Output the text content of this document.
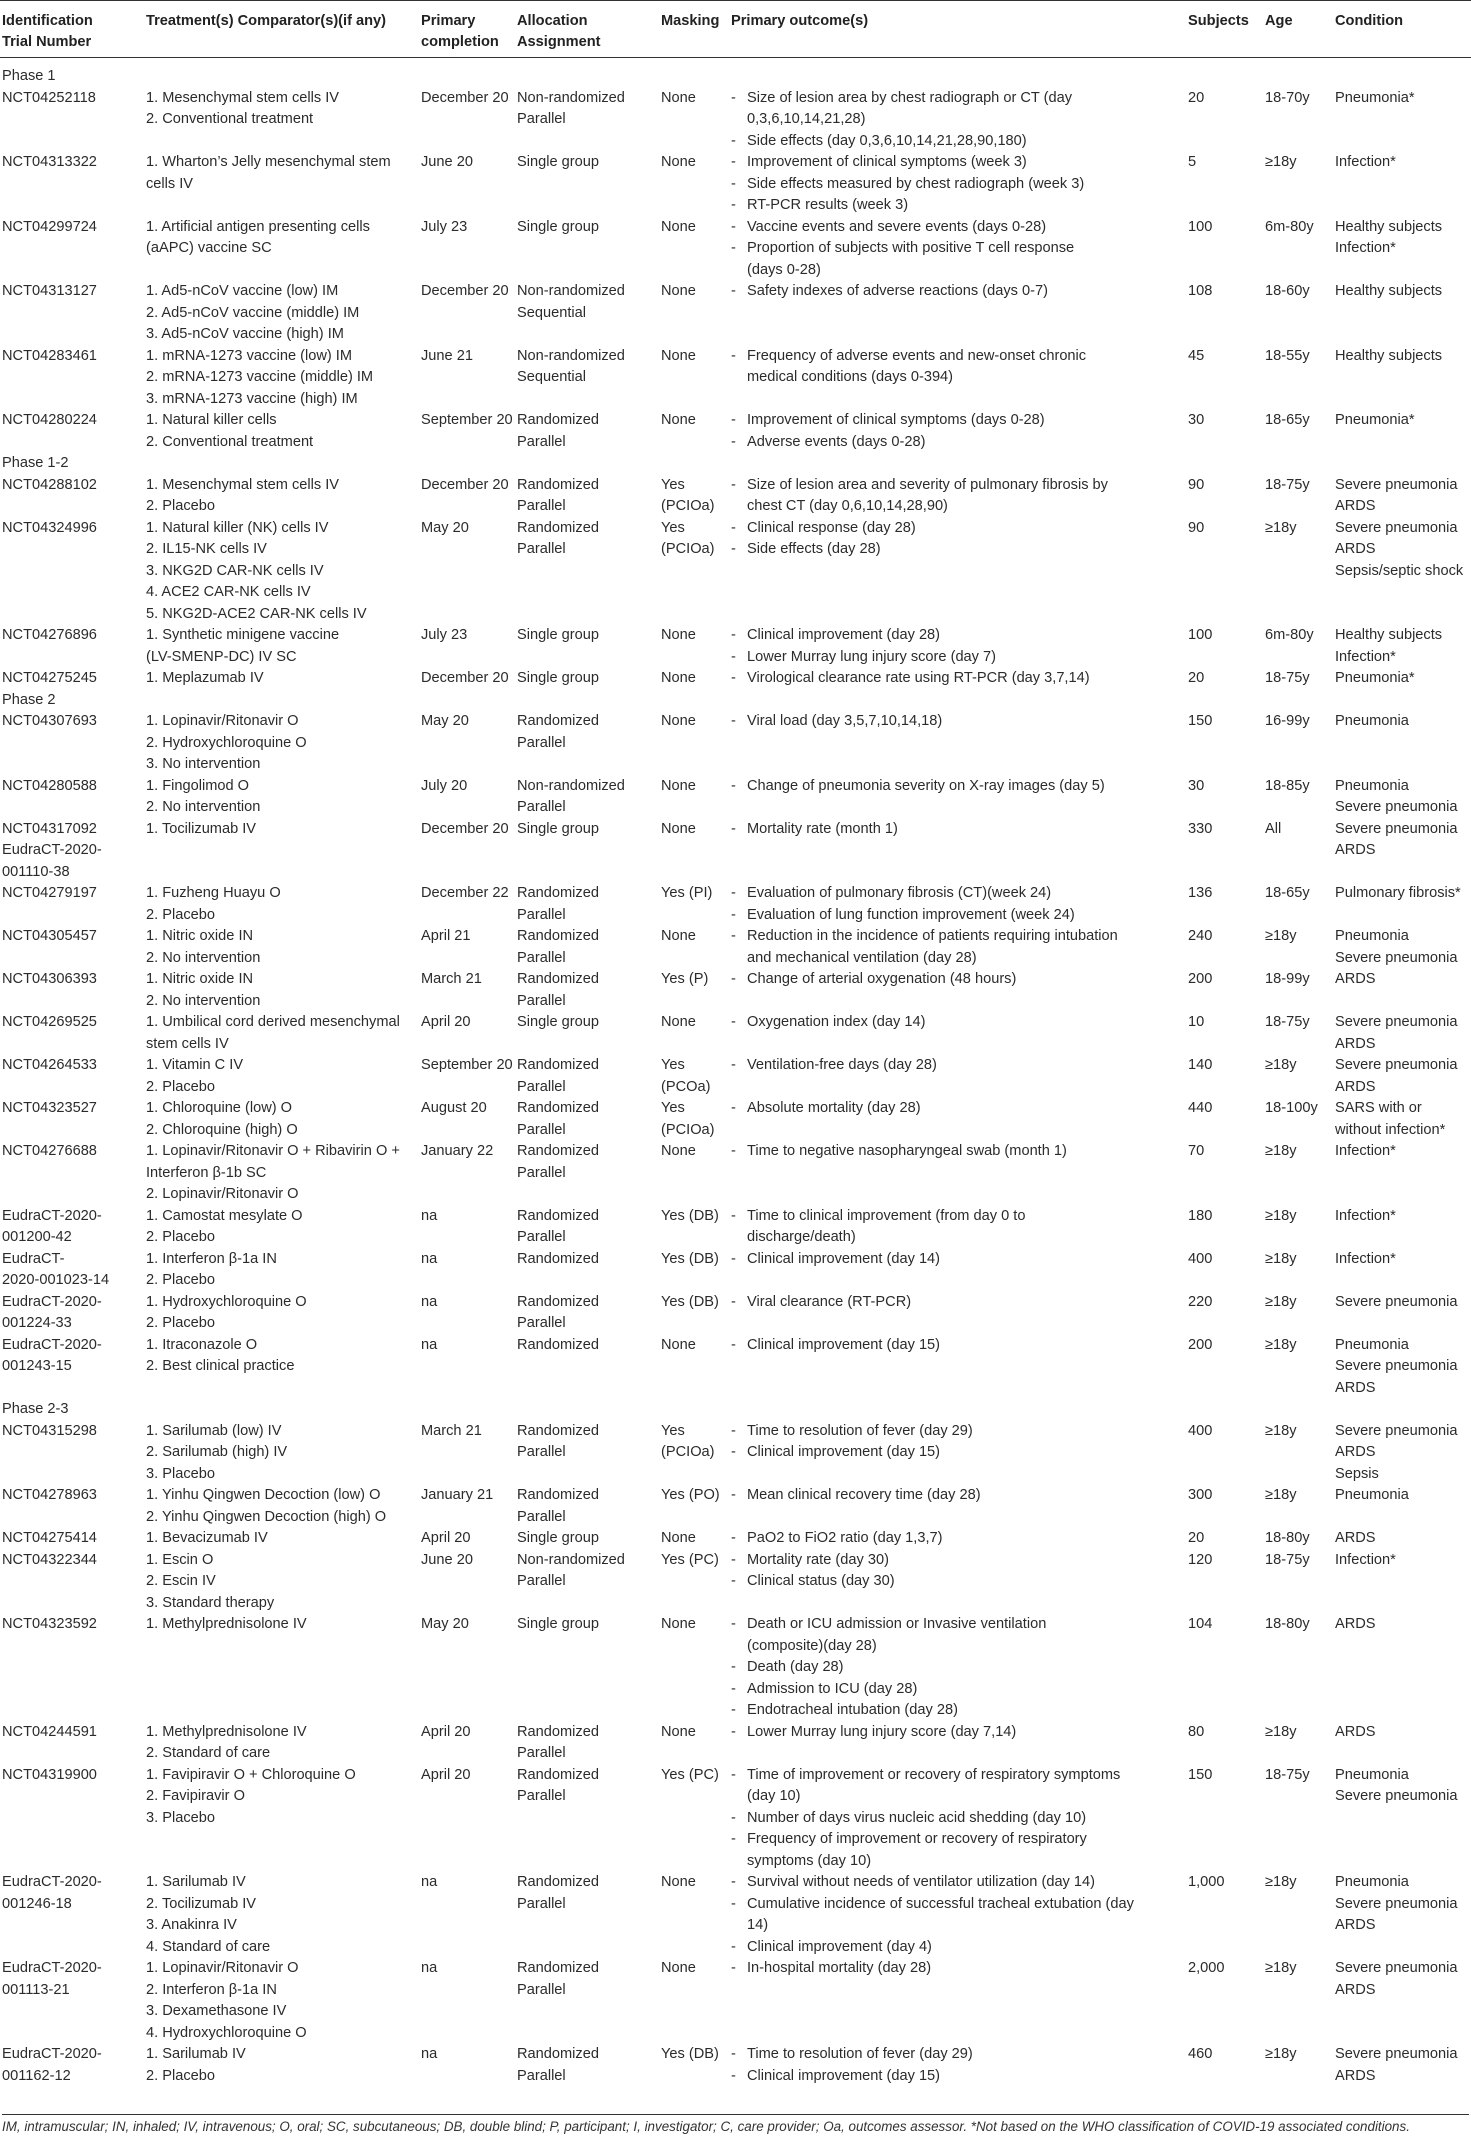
Identification
Trial Number	Treatment(s) Comparator(s)(if any)	Primary
completion	Allocation
Assignment	Masking	Primary outcome(s)	Subjects	Age	Condition

Phase 1								

NCT04252118	1. Mesenchymal stem cells IV
2. Conventional treatment	December 20	Non-randomized
Parallel	None	- Size of lesion area by chest radiograph or CT (day
0,3,6,10,14,21,28)
- Side effects (day 0,3,6,10,14,21,28,90,180)	20	18-70y	Pneumonia*

NCT04313322	1. Wharton’s Jelly mesenchymal stem
cells IV	June 20	Single group	None	- Improvement of clinical symptoms (week 3)
- Side effects measured by chest radiograph (week 3)
- RT-PCR results (week 3)	5	≥18y	Infection*

NCT04299724	1. Artificial antigen presenting cells
(aAPC) vaccine SC	July 23	Single group	None	- Vaccine events and severe events (days 0-28)
- Proportion of subjects with positive T cell response
(days 0-28)	100	6m-80y	Healthy subjects
Infection*

NCT04313127	1. Ad5-nCoV vaccine (low) IM
2. Ad5-nCoV vaccine (middle) IM
3. Ad5-nCoV vaccine (high) IM	December 20	Non-randomized
Sequential	None	- Safety indexes of adverse reactions (days 0-7)	108	18-60y	Healthy subjects

NCT04283461	1. mRNA-1273 vaccine (low) IM
2. mRNA-1273 vaccine (middle) IM
3. mRNA-1273 vaccine (high) IM	June 21	Non-randomized
Sequential	None	- Frequency of adverse events and new-onset chronic
medical conditions (days 0-394)	45	18-55y	Healthy subjects

NCT04280224	1. Natural killer cells
2. Conventional treatment	September 20	Randomized
Parallel	None	- Improvement of clinical symptoms (days 0-28)
- Adverse events (days 0-28)	30	18-65y	Pneumonia*

Phase 1-2								

NCT04288102	1. Mesenchymal stem cells IV
2. Placebo	December 20	Randomized
Parallel	Yes
(PCIOa)	- Size of lesion area and severity of pulmonary fibrosis by
chest CT (day 0,6,10,14,28,90)	90	18-75y	Severe pneumonia
ARDS

NCT04324996	1. Natural killer (NK) cells IV
2. IL15-NK cells IV
3. NKG2D CAR-NK cells IV
4. ACE2 CAR-NK cells IV
5. NKG2D-ACE2 CAR-NK cells IV	May 20	Randomized
Parallel	Yes
(PCIOa)	- Clinical response (day 28)
- Side effects (day 28)	90	≥18y	Severe pneumonia
ARDS
Sepsis/septic shock

NCT04276896	1. Synthetic minigene vaccine
(LV-SMENP-DC) IV SC	July 23	Single group	None	- Clinical improvement (day 28)
- Lower Murray lung injury score (day 7)	100	6m-80y	Healthy subjects
Infection*

NCT04275245	1. Meplazumab IV	December 20	Single group	None	- Virological clearance rate using RT-PCR (day 3,7,14)	20	18-75y	Pneumonia*

Phase 2								

NCT04307693	1. Lopinavir/Ritonavir O
2. Hydroxychloroquine O
3. No intervention	May 20	Randomized
Parallel	None	- Viral load (day 3,5,7,10,14,18)	150	16-99y	Pneumonia

NCT04280588	1. Fingolimod O
2. No intervention	July 20	Non-randomized
Parallel	None	- Change of pneumonia severity on X-ray images (day 5)	30	18-85y	Pneumonia
Severe pneumonia

NCT04317092
EudraCT-2020-
001110-38	1. Tocilizumab IV	December 20	Single group	None	- Mortality rate (month 1)	330	All	Severe pneumonia
ARDS

NCT04279197	1. Fuzheng Huayu O
2. Placebo	December 22	Randomized
Parallel	Yes (PI)	- Evaluation of pulmonary fibrosis (CT)(week 24)
- Evaluation of lung function improvement (week 24)	136	18-65y	Pulmonary fibrosis*

NCT04305457	1. Nitric oxide IN
2. No intervention	April 21	Randomized
Parallel	None	- Reduction in the incidence of patients requiring intubation
and mechanical ventilation (day 28)	240	≥18y	Pneumonia
Severe pneumonia

NCT04306393	1. Nitric oxide IN
2. No intervention	March 21	Randomized
Parallel	Yes (P)	- Change of arterial oxygenation (48 hours)	200	18-99y	ARDS

NCT04269525	1. Umbilical cord derived mesenchymal
stem cells IV	April 20	Single group	None	- Oxygenation index (day 14)	10	18-75y	Severe pneumonia
ARDS

NCT04264533	1. Vitamin C IV
2. Placebo	September 20	Randomized
Parallel	Yes
(PCOa)	- Ventilation-free days (day 28)	140	≥18y	Severe pneumonia
ARDS

NCT04323527	1. Chloroquine (low) O
2. Chloroquine (high) O	August 20	Randomized
Parallel	Yes
(PCIOa)	- Absolute mortality (day 28)	440	18-100y	SARS with or
without infection*

NCT04276688	1. Lopinavir/Ritonavir O + Ribavirin O +
Interferon β-1b SC
2. Lopinavir/Ritonavir O	January 22	Randomized
Parallel	None	- Time to negative nasopharyngeal swab (month 1)	70	≥18y	Infection*

EudraCT-2020-
001200-42	1. Camostat mesylate O
2. Placebo	na	Randomized
Parallel	Yes (DB)	- Time to clinical improvement (from day 0 to
discharge/death)	180	≥18y	Infection*

EudraCT-
2020-001023-14	1. Interferon β-1a IN
2. Placebo	na	Randomized	Yes (DB)	- Clinical improvement (day 14)	400	≥18y	Infection*

EudraCT-2020-
001224-33	1. Hydroxychloroquine O
2. Placebo	na	Randomized
Parallel	Yes (DB)	- Viral clearance (RT-PCR)	220	≥18y	Severe pneumonia

EudraCT-2020-
001243-15	1. Itraconazole O
2. Best clinical practice	na	Randomized	None	- Clinical improvement (day 15)	200	≥18y	Pneumonia
Severe pneumonia
ARDS

Phase 2-3								

NCT04315298	1. Sarilumab (low) IV
2. Sarilumab (high) IV
3. Placebo	March 21	Randomized
Parallel	Yes
(PCIOa)	- Time to resolution of fever (day 29)
- Clinical improvement (day 15)	400	≥18y	Severe pneumonia
ARDS
Sepsis

NCT04278963	1. Yinhu Qingwen Decoction (low) O
2. Yinhu Qingwen Decoction (high) O	January 21	Randomized
Parallel	Yes (PO)	- Mean clinical recovery time (day 28)	300	≥18y	Pneumonia

NCT04275414	1. Bevacizumab IV	April 20	Single group	None	- PaO2 to FiO2 ratio (day 1,3,7)	20	18-80y	ARDS

NCT04322344	1. Escin O
2. Escin IV
3. Standard therapy	June 20	Non-randomized
Parallel	Yes (PC)	- Mortality rate (day 30)
- Clinical status (day 30)	120	18-75y	Infection*

NCT04323592	1. Methylprednisolone IV	May 20	Single group	None	- Death or ICU admission or Invasive ventilation
(composite)(day 28)
- Death (day 28)
- Admission to ICU (day 28)
- Endotracheal intubation (day 28)	104	18-80y	ARDS

NCT04244591	1. Methylprednisolone IV
2. Standard of care	April 20	Randomized
Parallel	None	- Lower Murray lung injury score (day 7,14)	80	≥18y	ARDS

NCT04319900	1. Favipiravir O + Chloroquine O
2. Favipiravir O
3. Placebo	April 20	Randomized
Parallel	Yes (PC)	- Time of improvement or recovery of respiratory symptoms
(day 10)
- Number of days virus nucleic acid shedding (day 10)
- Frequency of improvement or recovery of respiratory
symptoms (day 10)	150	18-75y	Pneumonia
Severe pneumonia

EudraCT-2020-
001246-18	1. Sarilumab IV
2. Tocilizumab IV
3. Anakinra IV
4. Standard of care	na	Randomized
Parallel	None	- Survival without needs of ventilator utilization (day 14)
- Cumulative incidence of successful tracheal extubation (day
14)
- Clinical improvement (day 4)	1,000	≥18y	Pneumonia
Severe pneumonia
ARDS

EudraCT-2020-
001113-21	1. Lopinavir/Ritonavir O
2. Interferon β-1a IN
3. Dexamethasone IV
4. Hydroxychloroquine O	na	Randomized
Parallel	None	- In-hospital mortality (day 28)	2,000	≥18y	Severe pneumonia
ARDS

EudraCT-2020-
001162-12	1. Sarilumab IV
2. Placebo	na	Randomized
Parallel	Yes (DB)	- Time to resolution of fever (day 29)
- Clinical improvement (day 15)	460	≥18y	Severe pneumonia
ARDS
IM, intramuscular; IN, inhaled; IV, intravenous; O, oral; SC, subcutaneous; DB, double blind; P, participant; I, investigator; C, care provider; Oa, outcomes assessor. *Not based on the WHO classification of COVID-19 associated conditions.
